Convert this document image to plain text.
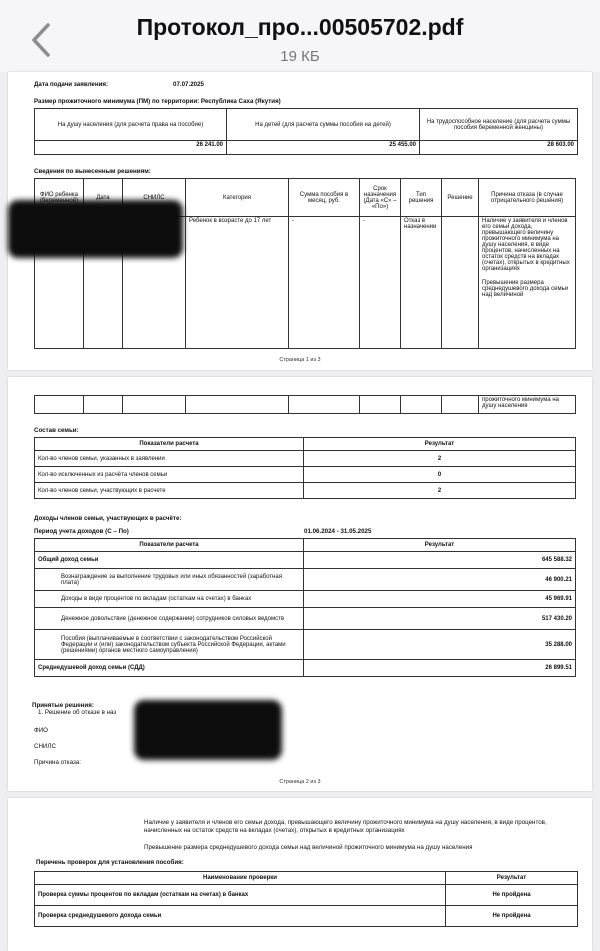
Протокол_про...00505702.pdf
19 КБ
Дата подачи заявления:	07.07.2025
Размер прожиточного минимума (ПМ) по территории: Республика Саха (Якутия)
На душу населения (для расчета права на пособие)	На детей (для расчета суммы пособия на детей)	На трудоспособное население (для расчета суммы пособия беременной женщины)
26 241.00	25 455.00	28 603.00
Сведения по вынесенным решениям:
ФИО ребенка	Дата	СНИЛС	Категория	Сумма пособия в месяц, руб.	Срок назначения (Дата «С» – «По»)	Тип решения	Решение	Причина отказа (в случае отрицательного решения)
			Ребенок в возрасте до 17 лет	-	-	Отказ в назначении		Наличие у заявителя и членов его семьи дохода, превышающего величину прожиточного минимума на душу населения, в виде процентов, начисленных на остаток средств на вкладах (счетах), открытых в кредитных организациях
Превышение размера среднедушевого дохода семьи над величиной
Страница 1 из 3
								прожиточного минимума на душу населения
Состав семьи:
Показатели расчета	Результат
Кол-во членов семьи, указанных в заявлении	2
Кол-во исключенных из расчёта членов семьи	0
Кол-во членов семьи, участвующих в расчете	2
Доходы членов семьи, участвующих в расчёте:
Период учета доходов (С – По)	01.06.2024 - 31.05.2025
Показатели расчета	Результат
Общий доход семьи	645 588.32
Вознаграждение за выполнение трудовых или иных обязанностей (заработная плата)	46 900.21
Доходы в виде процентов по вкладам (остаткам на счетах) в банках	45 969.91
Денежное довольствие (денежное содержание) сотрудников силовых ведомств	517 430.20
Пособия (выплачиваемые в соответствии с законодательством Российской Федерации и (или) законодательством субъекта Российской Федерации, актами (решениями) органов местного самоуправления)	35 288.00
Среднедушевой доход семьи (СДД)	26 899.51
Принятые решения:
1. Решение об отказе в наз
ФИО
СНИЛС
Причина отказа:
Страница 2 из 3
Наличие у заявителя и членов его семьи дохода, превышающего величину прожиточного минимума на душу населения, в виде процентов, начисленных на остаток средств на вкладах (счетах), открытых в кредитных организациях
Превышение размера среднедушевого дохода семьи над величиной прожиточного минимума на душу населения
Перечень проверок для установления пособия:
Наименование проверки	Результат
Проверка суммы процентов по вкладам (остаткам на счетах) в банках	Не пройдена
Проверка среднедушевого дохода семьи	Не пройдена
